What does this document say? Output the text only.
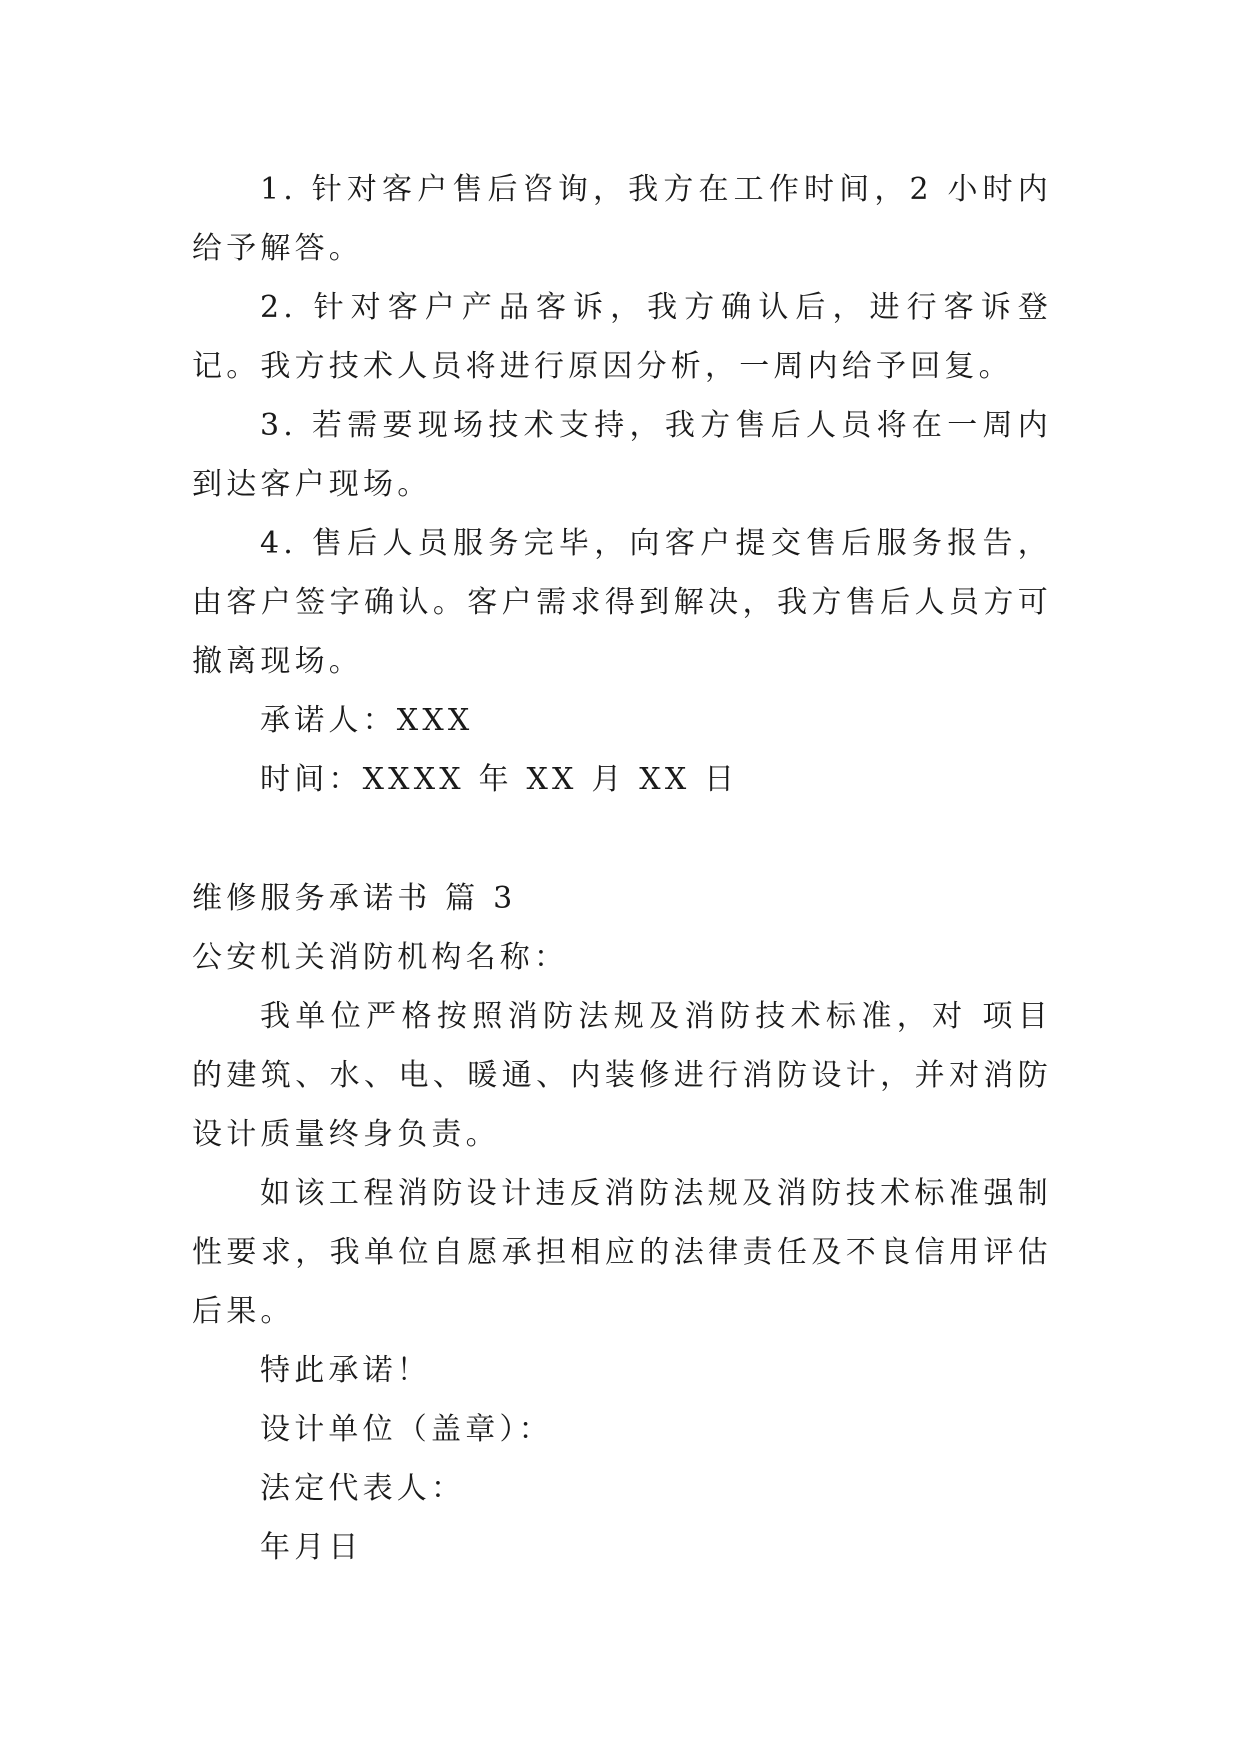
1. 针对客户售后咨询，我方在工作时间，2 小时内给予解答。

2. 针对客户产品客诉，我方确认后，进行客诉登记。我方技术人员将进行原因分析，一周内给予回复。

3. 若需要现场技术支持，我方售后人员将在一周内到达客户现场。

4. 售后人员服务完毕，向客户提交售后服务报告，由客户签字确认。客户需求得到解决，我方售后人员方可撤离现场。

承诺人：XXX

时间：XXXX 年 XX 月 XX 日

维修服务承诺书 篇 3

公安机关消防机构名称：

我单位严格按照消防法规及消防技术标准，对 项目的建筑、水、电、暖通、内装修进行消防设计，并对消防设计质量终身负责。

如该工程消防设计违反消防法规及消防技术标准强制性要求，我单位自愿承担相应的法律责任及不良信用评估后果。

特此承诺！

设计单位（盖章）：

法定代表人：

年月日
